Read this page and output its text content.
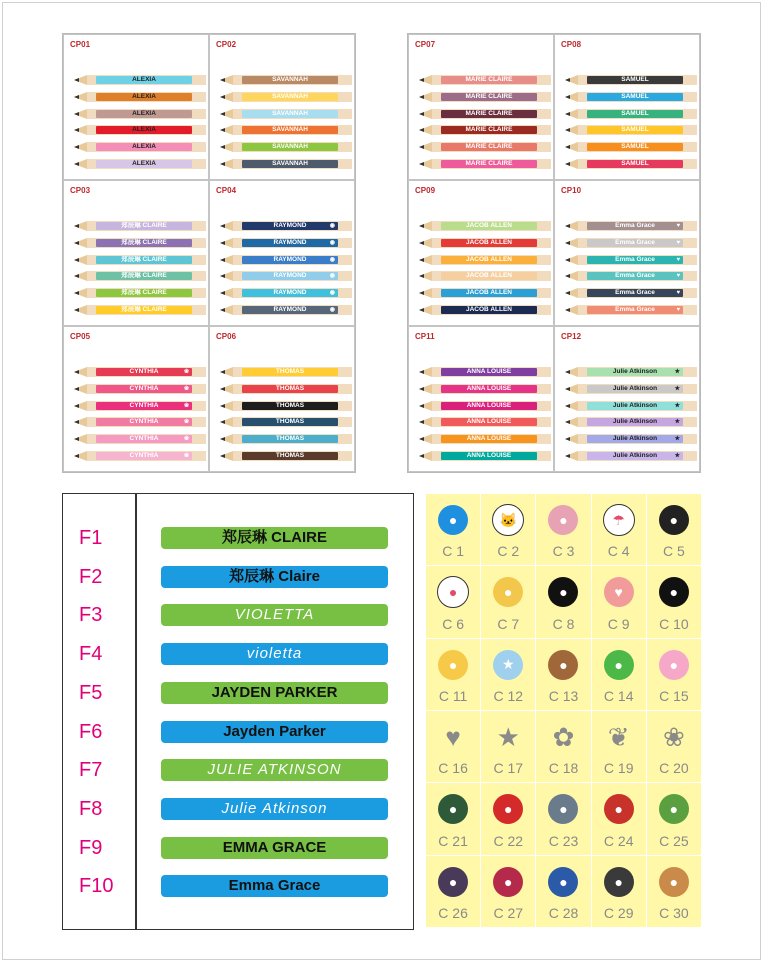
CP01
ALEXIA
ALEXIA
ALEXIA
ALEXIA
ALEXIA
ALEXIA
CP02
SAVANNAH
SAVANNAH
SAVANNAH
SAVANNAH
SAVANNAH
SAVANNAH
CP03
郑辰琳 CLAIRE
郑辰琳 CLAIRE
郑辰琳 CLAIRE
郑辰琳 CLAIRE
郑辰琳 CLAIRE
郑辰琳 CLAIRE
CP04
RAYMOND	◉
RAYMOND	◉
RAYMOND	◉
RAYMOND	◉
RAYMOND	◉
RAYMOND	◉
CP05
CYNTHIA	❀
CYNTHIA	❀
CYNTHIA	❀
CYNTHIA	❀
CYNTHIA	❀
CYNTHIA	❀
CP06
THOMAS
THOMAS
THOMAS
THOMAS
THOMAS
THOMAS
CP07
MARIE CLAIRE
MARIE CLAIRE
MARIE CLAIRE
MARIE CLAIRE
MARIE CLAIRE
MARIE CLAIRE
CP08
SAMUEL
SAMUEL
SAMUEL
SAMUEL
SAMUEL
SAMUEL
CP09
JACOB ALLEN
JACOB ALLEN
JACOB ALLEN
JACOB ALLEN
JACOB ALLEN
JACOB ALLEN
CP10
Emma Grace	♥
Emma Grace	♥
Emma Grace	♥
Emma Grace	♥
Emma Grace	♥
Emma Grace	♥
CP11
ANNA LOUISE
ANNA LOUISE
ANNA LOUISE
ANNA LOUISE
ANNA LOUISE
ANNA LOUISE
CP12
Julie Atkinson	★
Julie Atkinson	★
Julie Atkinson	★
Julie Atkinson	★
Julie Atkinson	★
Julie Atkinson	★
F1	郑辰琳 CLAIRE
F2	郑辰琳 Claire
F3	VIOLETTA
F4	violetta
F5	JAYDEN PARKER
F6	Jayden Parker
F7	JULIE ATKINSON
F8	Julie Atkinson
F9	EMMA GRACE
F10	Emma Grace
●
C 1
🐱
C 2
●
C 3
☂
C 4
●
C 5
●
C 6
●
C 7
●
C 8
♥
C 9
●
C 10
●
C 11
★
C 12
●
C 13
●
C 14
●
C 15
♥
C 16
★
C 17
✿
C 18
❦
C 19
❀
C 20
●
C 21
●
C 22
●
C 23
●
C 24
●
C 25
●
C 26
●
C 27
●
C 28
●
C 29
●
C 30
